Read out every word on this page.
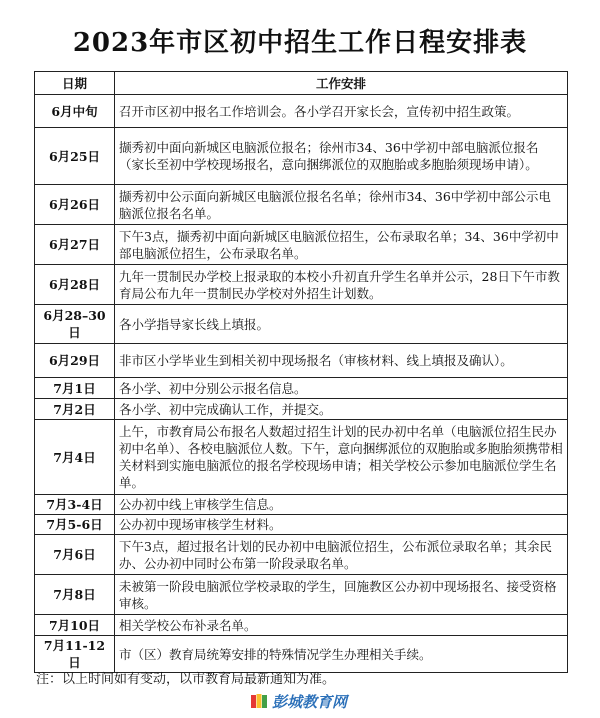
2023年市区初中招生工作日程安排表
日期	工作安排
6月中旬	召开市区初中报名工作培训会。各小学召开家长会，宣传初中招生政策。
6月25日	撷秀初中面向新城区电脑派位报名；徐州市34、36中学初中部电脑派位报名（家长至初中学校现场报名，意向捆绑派位的双胞胎或多胞胎须现场申请）。
6月26日	撷秀初中公示面向新城区电脑派位报名名单；徐州市34、36中学初中部公示电脑派位报名名单。
6月27日	下午3点，撷秀初中面向新城区电脑派位招生，公布录取名单；34、36中学初中部电脑派位招生，公布录取名单。
6月28日	九年一贯制民办学校上报录取的本校小升初直升学生名单并公示，28日下午市教育局公布九年一贯制民办学校对外招生计划数。
6月28–30日	各小学指导家长线上填报。
6月29日	非市区小学毕业生到相关初中现场报名（审核材料、线上填报及确认）。
7月1日	各小学、初中分别公示报名信息。
7月2日	各小学、初中完成确认工作，并提交。
7月4日	上午，市教育局公布报名人数超过招生计划的民办初中名单（电脑派位招生民办初中名单）、各校电脑派位人数。下午，意向捆绑派位的双胞胎或多胞胎须携带相关材料到实施电脑派位的报名学校现场申请；相关学校公示参加电脑派位学生名单。
7月3-4日	公办初中线上审核学生信息。
7月5-6日	公办初中现场审核学生材料。
7月6日	下午3点，超过报名计划的民办初中电脑派位招生，公布派位录取名单；其余民办、公办初中同时公布第一阶段录取名单。
7月8日	未被第一阶段电脑派位学校录取的学生，回施教区公办初中现场报名、接受资格审核。
7月10日	相关学校公布补录名单。
7月11-12日	市（区）教育局统筹安排的特殊情况学生办理相关手续。
注：以上时间如有变动，以市教育局最新通知为准。
彭城教育网
